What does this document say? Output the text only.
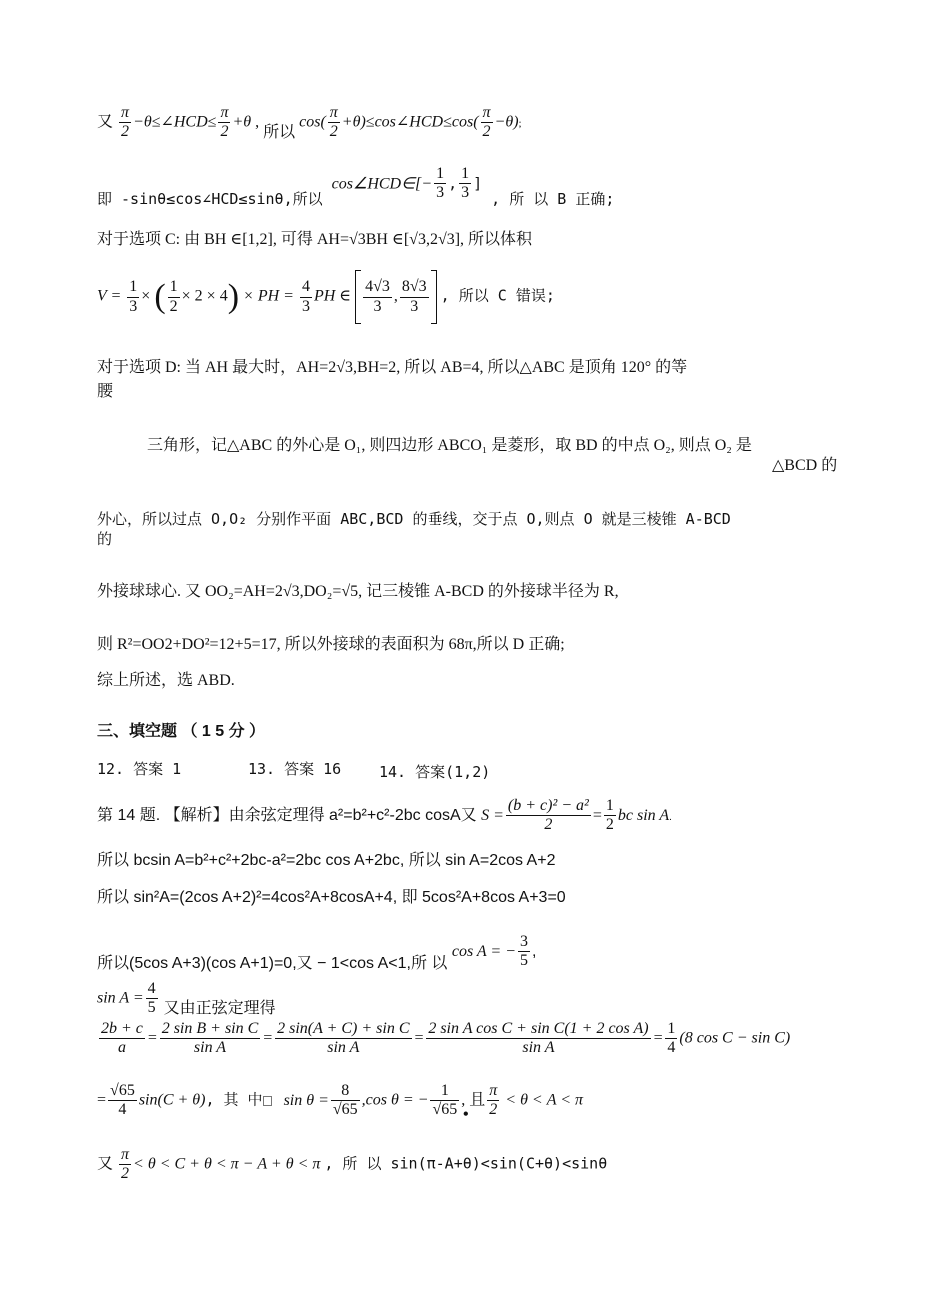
又 $\frac{\pi}{2}$ −θ≤∠HCD≤ $\frac{\pi}{2} +\theta$ , 所以 $\cos( \frac{\pi}{2}$ +θ)≤cos∠HCD≤cos( $\frac{\pi}{2} -\theta$);
即 -sinθ≤cos∠HCD≤sinθ,所以 cos∠HCD∈[− $\frac{1}{3}$ , $\frac{1}{3}$ ] , 所 以 B 正确;
对于选项 C: 由 BH ∈[1,2], 可得 AH=√3BH ∈[√3,2√3], 所以体积
$V = \frac{1}{3}$ × ( $\frac{1}{2} \times 2 \times 4$) × PH = $\frac{4}{3}$ PH ∈ $\frac{4√3}{3}$ , $\frac{8√3}{3}$ , 所以 C 错误;
对于选项 D: 当 AH 最大时，AH=2√3,BH=2, 所以 AB=4, 所以△ABC 是顶角 120° 的等
腰
三角形，记△ABC 的外心是 O₁, 则四边形 ABCO₁ 是菱形，取 BD 的中点 O₂, 则点 O₂ 是
△BCD 的
外心，所以过点 O,O₂ 分别作平面 ABC,BCD 的垂线，交于点 O,则点 O 就是三棱锥 A-BCD
的
外接球球心. 又 OO₂=AH=2√3,DO₂=√5, 记三棱锥 A-BCD 的外接球半径为 R,
则 R²=OO2+DO²=12+5=17, 所以外接球的表面积为 68π,所以 D 正确;
综上所述，选 ABD.
三、填空题 （ 1 5 分 ）
12. 答案 1	13. 答案 16	14. 答案(1,2)
第 14 题. 【解析】由余弦定理得 a²=b²+c²-2bc cosA又 $S = \frac{\text{(b + c)² − a²}}{2} = \frac{1}{2}$ bc sin A.
所以 bcsin A=b²+c²+2bc-a²=2bc cos A+2bc, 所以 sin A=2cos A+2
所以 sin²A=(2cos A+2)²=4cos²A+8cosA+4, 即 5cos²A+8cos A+3=0
所以(5cos A+3)(cos A+1)=0,又 − 1<cos A<1,所 以 cos A = − $\frac{3}{5}$ ,
$\sin A = \frac{4}{5}$ 又由正弦定理得
$\frac{2b + c}{a} = \frac{\text{2 sin B + sin C}}{\text{sin A}} = \frac{\text{2 sin(A + C) + sin C}}{\text{sin A}} = \frac{\text{2 sin A cos C + sin C(1 + 2 cos A)}}{\text{sin A}} = \frac{1}{4} (8$ cos C − sin C)
= $\frac{√65}{4} \sin(C + \theta)$, 其 中 $\sin \theta = \frac{8}{√65} ,\cos$ θ = − $\frac{1}{√65}$ , 且 $\frac{\pi}{2} < \theta < A$ < π•
又 $\frac{\pi}{2} < \theta < C + \theta < \pi - A + \theta < \pi$ , 所 以 sin(π-A+θ)<sin(C+θ)<sinθ
